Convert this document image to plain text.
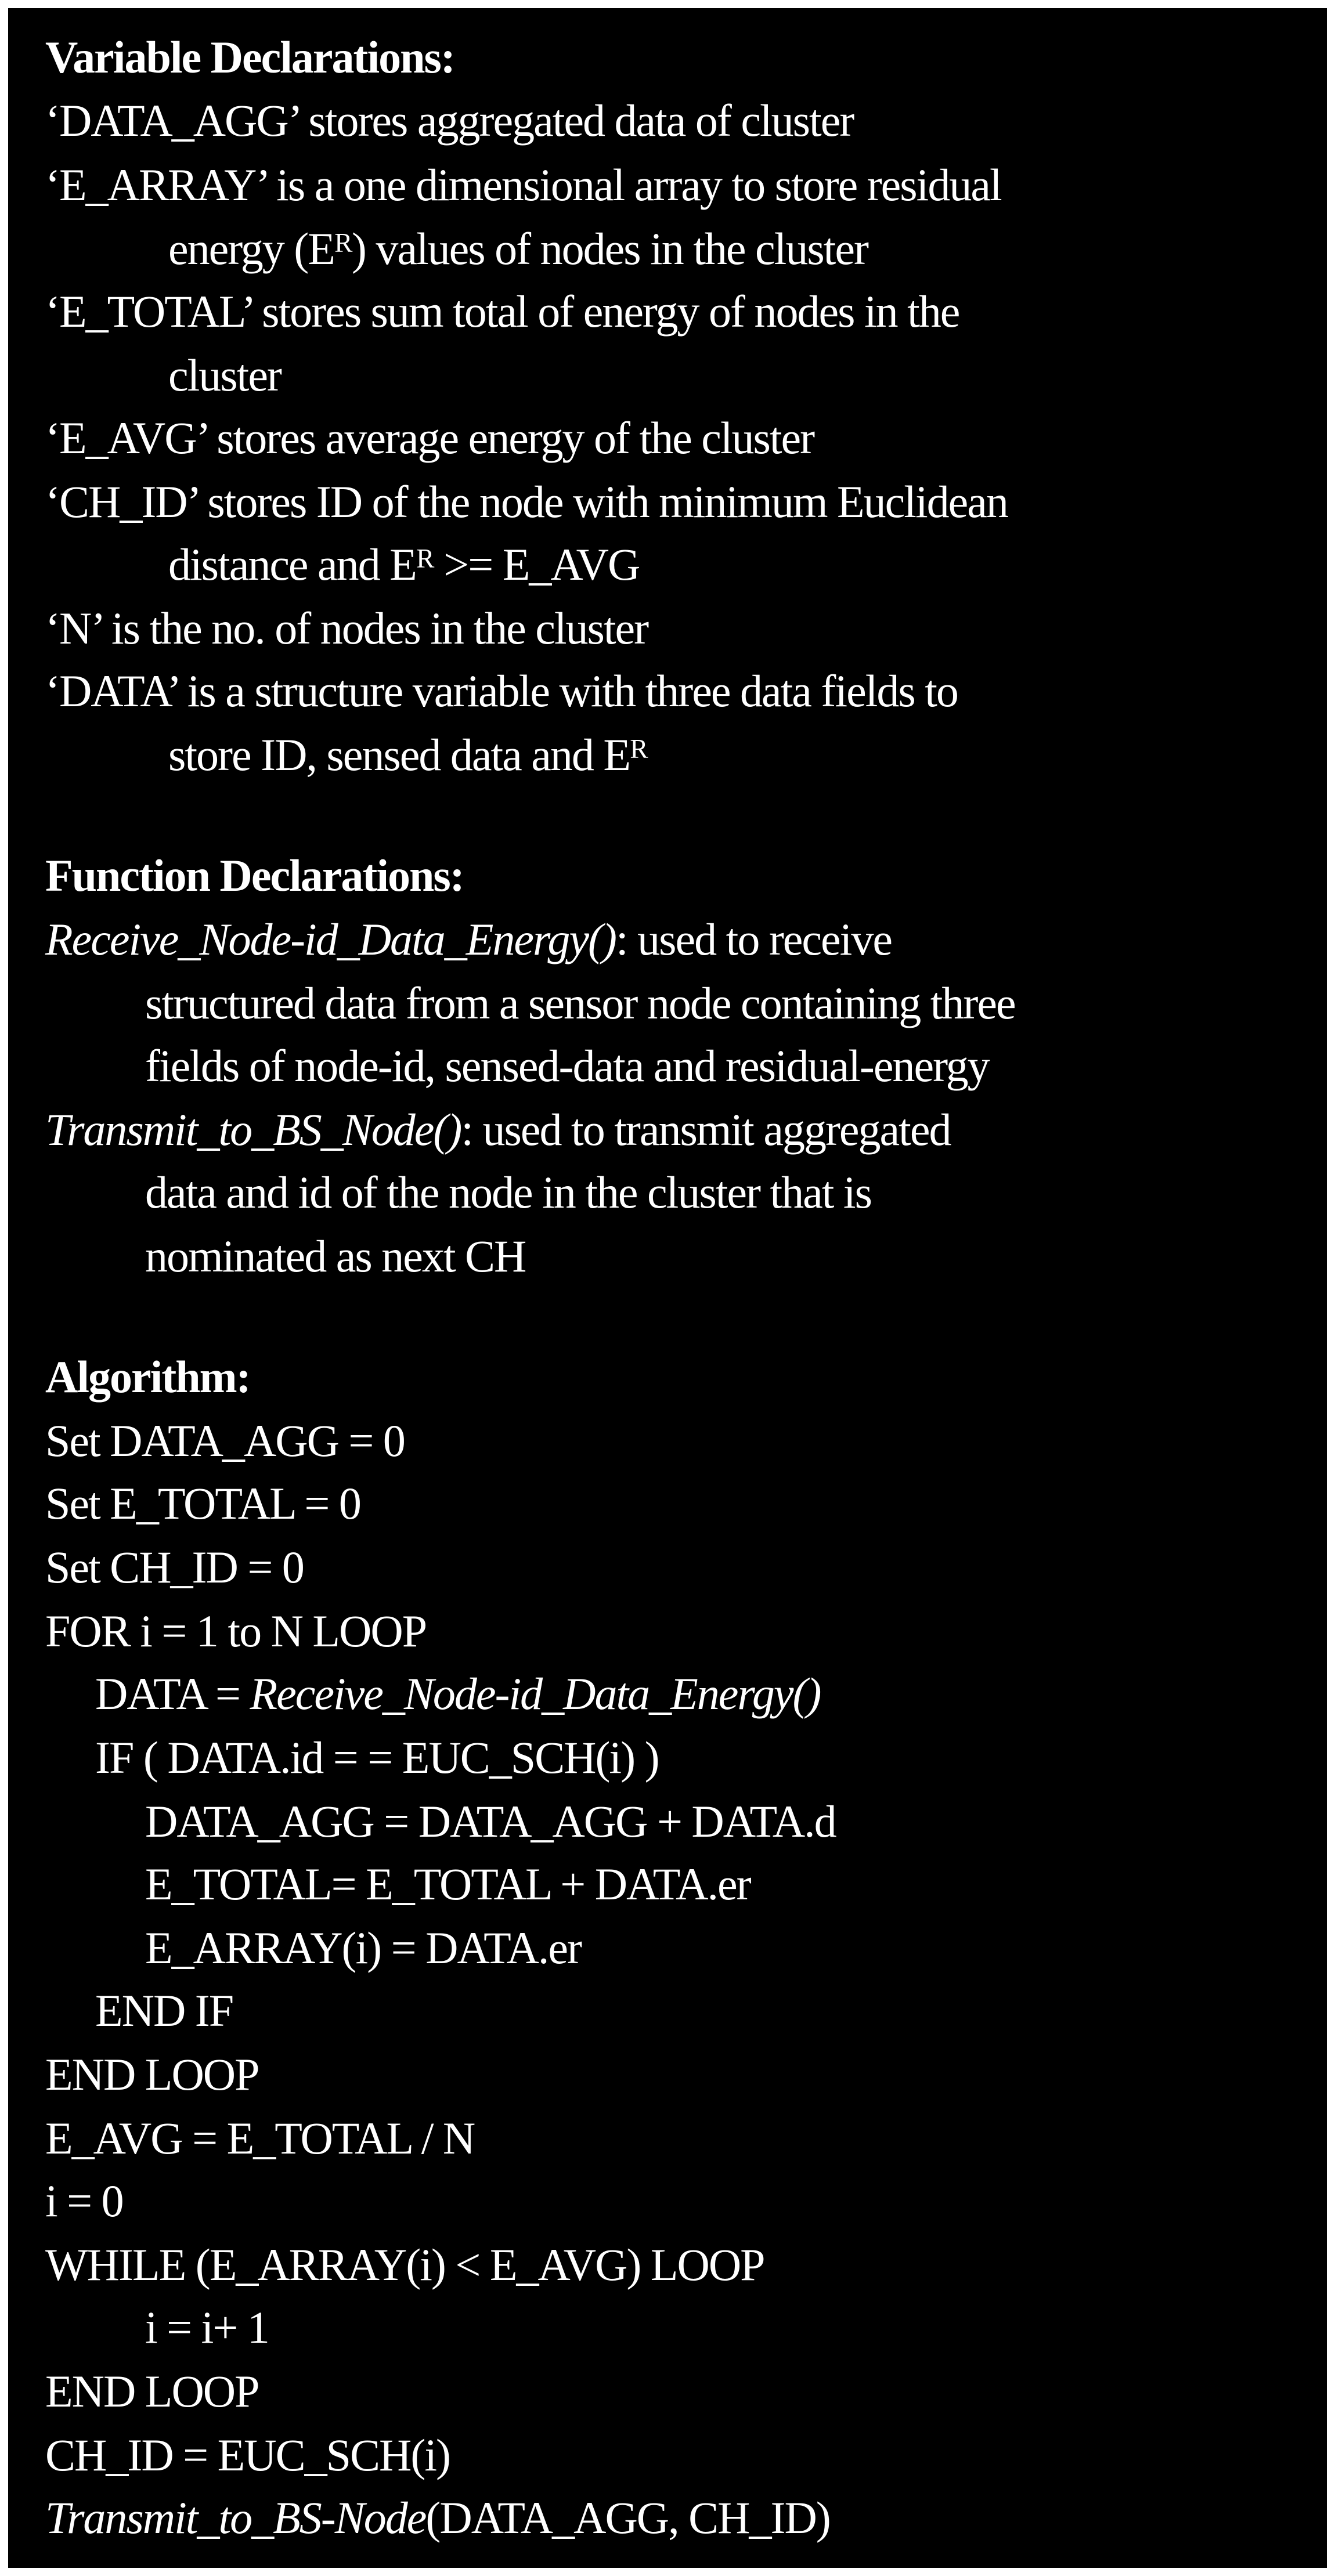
Variable Declarations:
‘DATA_AGG’ stores aggregated data of cluster
‘E_ARRAY’ is a one dimensional array to store residual
energy (Eᴿ) values of nodes in the cluster
‘E_TOTAL’ stores sum total of energy of nodes in the
cluster
‘E_AVG’ stores average energy of the cluster
‘CH_ID’ stores ID of the node with minimum Euclidean
distance and Eᴿ >= E_AVG
‘N’ is the no. of nodes in the cluster
‘DATA’ is a structure variable with three data fields to
store ID, sensed data and Eᴿ
Function Declarations:
Receive_Node-id_Data_Energy(): used to receive
structured data from a sensor node containing three
fields of node-id, sensed-data and residual-energy
Transmit_to_BS_Node(): used to transmit aggregated
data and id of the node in the cluster that is
nominated as next CH
Algorithm:
Set DATA_AGG = 0
Set E_TOTAL = 0
Set CH_ID = 0
FOR i = 1 to N LOOP
DATA = Receive_Node-id_Data_Energy()
IF ( DATA.id = = EUC_SCH(i) )
DATA_AGG = DATA_AGG + DATA.d
E_TOTAL= E_TOTAL + DATA.er
E_ARRAY(i) = DATA.er
END IF
END LOOP
E_AVG = E_TOTAL / N
i = 0
WHILE (E_ARRAY(i) < E_AVG) LOOP
i = i+ 1
END LOOP
CH_ID = EUC_SCH(i)
Transmit_to_BS-Node(DATA_AGG, CH_ID)
